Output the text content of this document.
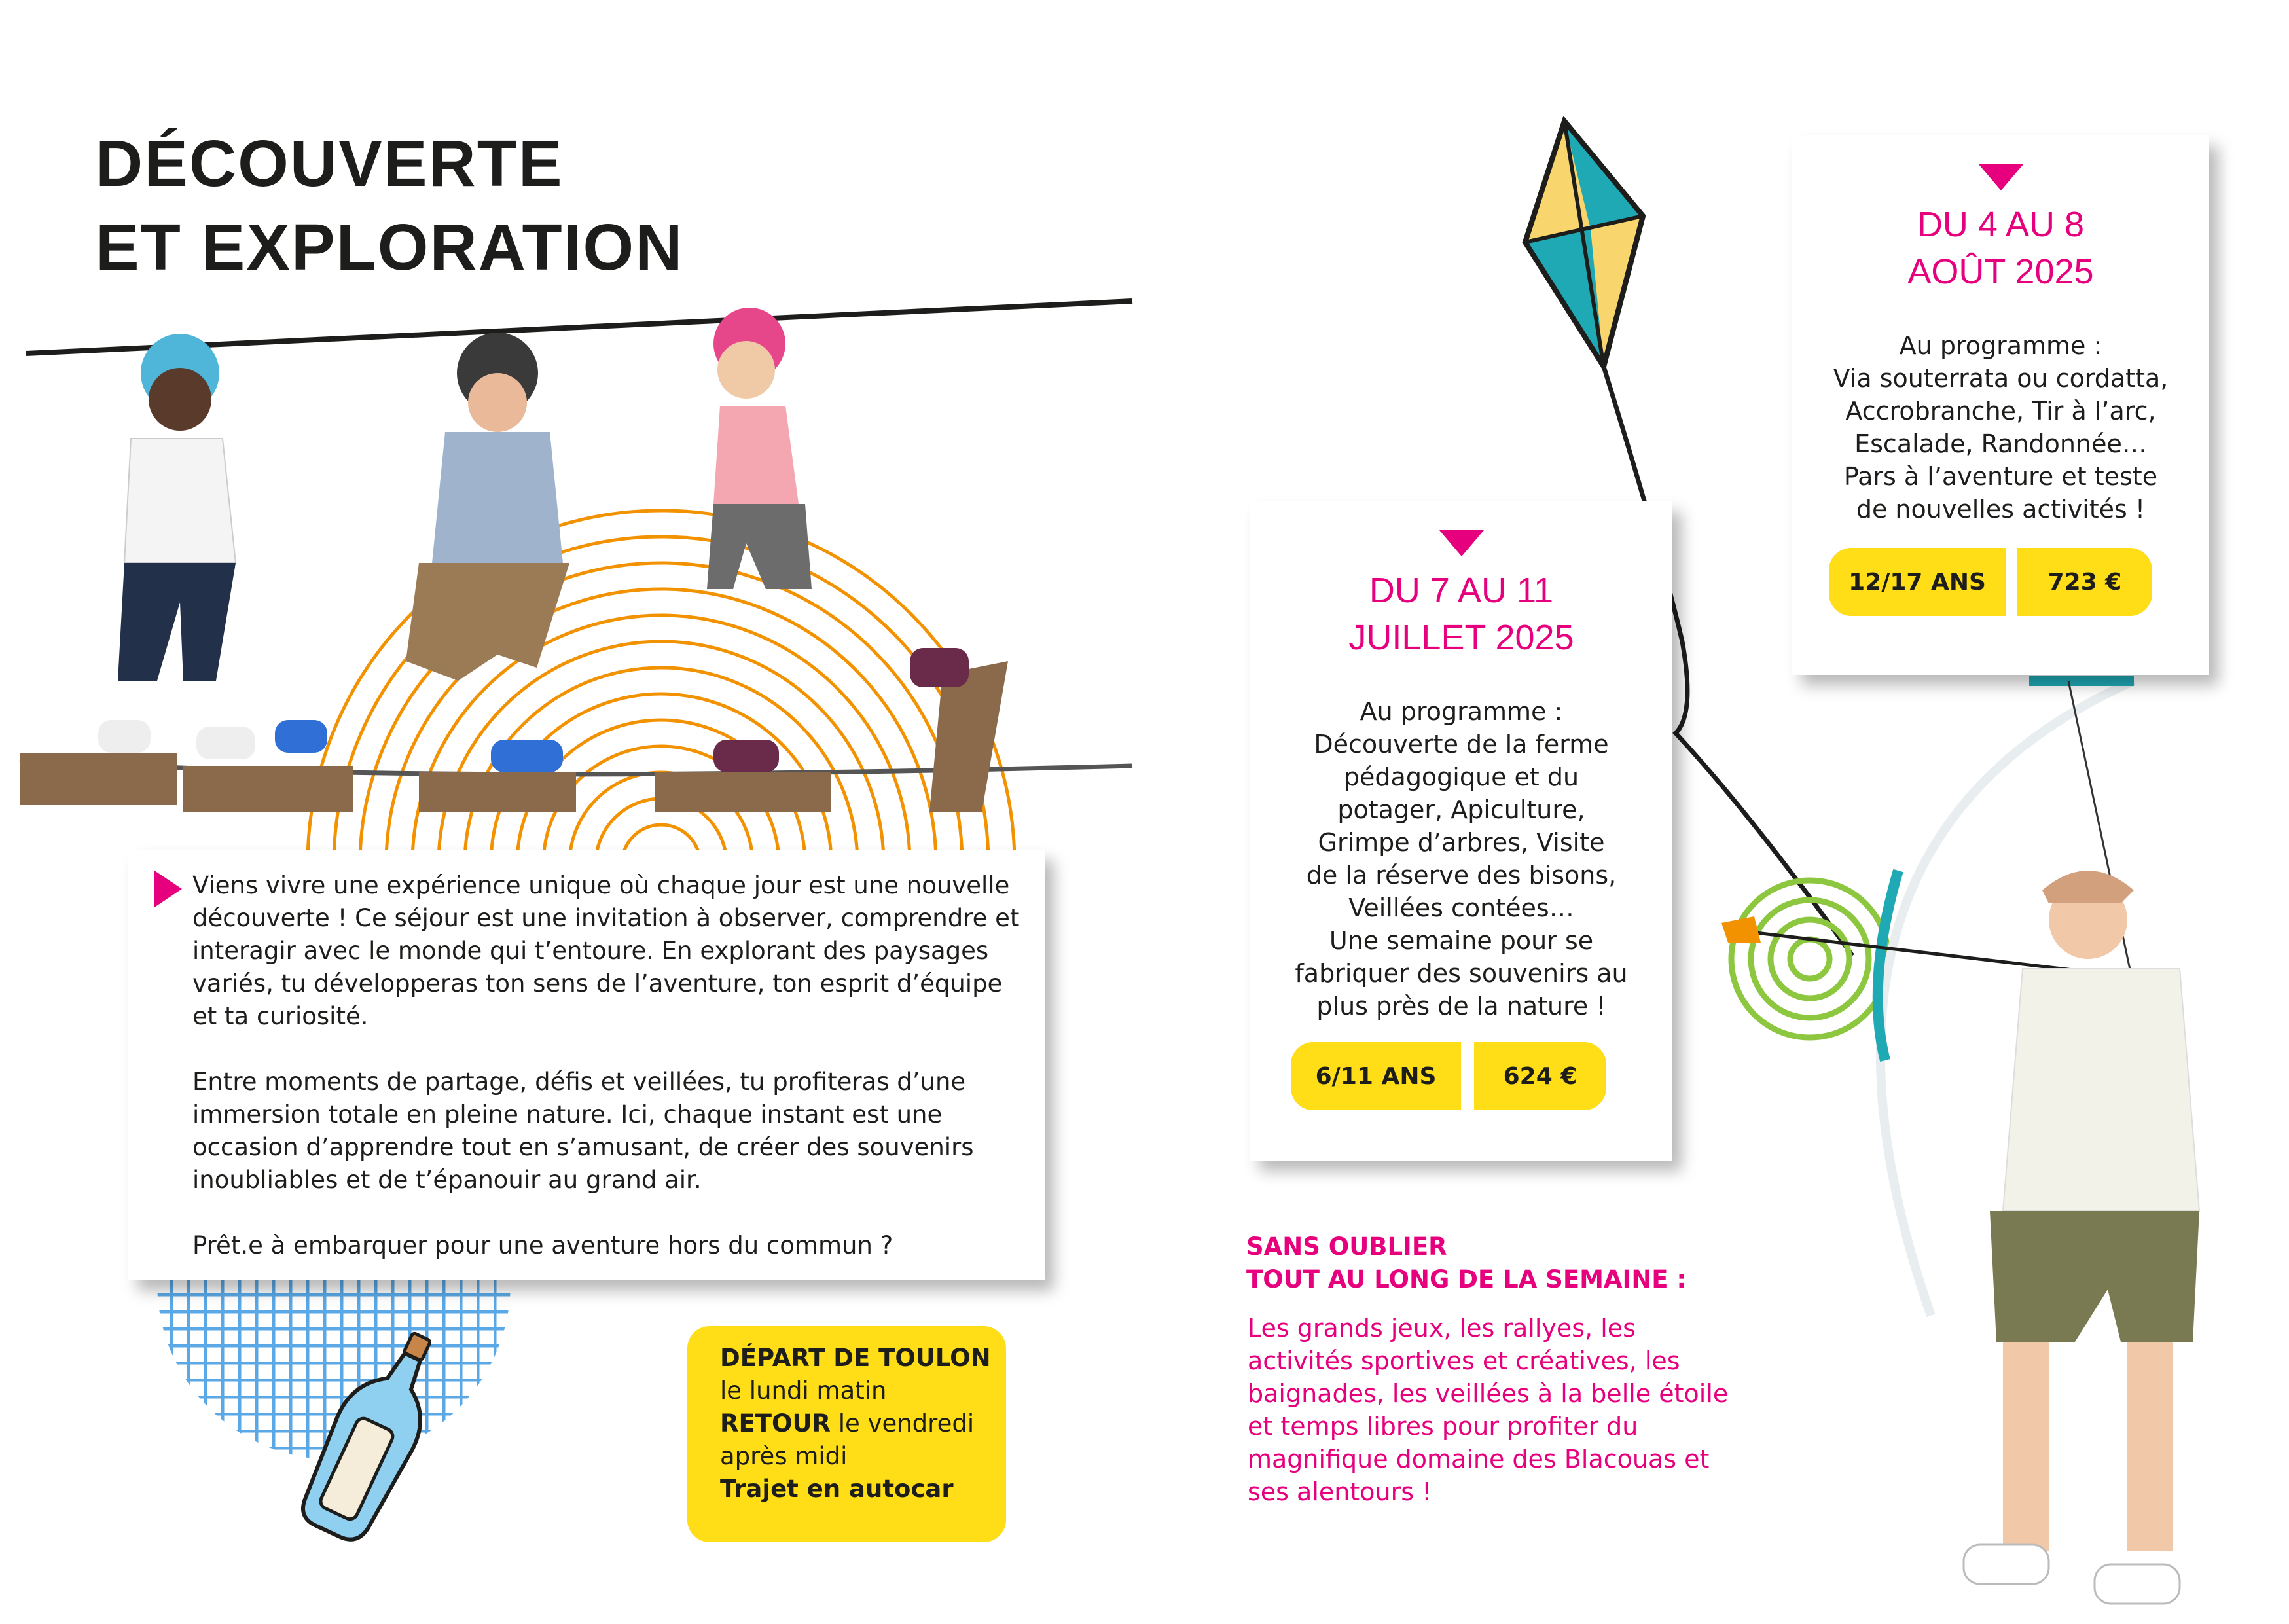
DÉCOUVERTE
ET EXPLORATION

Viens vivre une expérience unique où chaque jour est une nouvelle découverte ! Ce séjour est une invitation à observer, comprendre et interagir avec le monde qui t’entoure. En explorant des paysages variés, tu développeras ton sens de l’aventure, ton esprit d’équipe et ta curiosité.

Entre moments de partage, défis et veillées, tu profiteras d’une immersion totale en pleine nature. Ici, chaque instant est une occasion d’apprendre tout en s’amusant, de créer des souvenirs inoubliables et de t’épanouir au grand air.

Prêt.e à embarquer pour une aventure hors du commun ?

DÉPART DE TOULON
le lundi matin
RETOUR le vendredi
après midi
Trajet en autocar
DU 7 AU 11
JUILLET 2025
Au programme :
Découverte de la ferme
pédagogique et du
potager, Apiculture,
Grimpe d’arbres, Visite
de la réserve des bisons,
Veillées contées…
Une semaine pour se
fabriquer des souvenirs au
plus près de la nature !
6/11 ANS	624 €
DU 4 AU 8
AOÛT 2025
Au programme :
Via souterrata ou cordatta,
Accrobranche, Tir à l’arc,
Escalade, Randonnée…
Pars à l’aventure et teste
de nouvelles activités !
12/17 ANS	723 €
SANS OUBLIER
TOUT AU LONG DE LA SEMAINE :
Les grands jeux, les rallyes, les activités sportives et créatives, les baignades, les veillées à la belle étoile et temps libres pour profiter du magnifique domaine des Blacouas et ses alentours !
